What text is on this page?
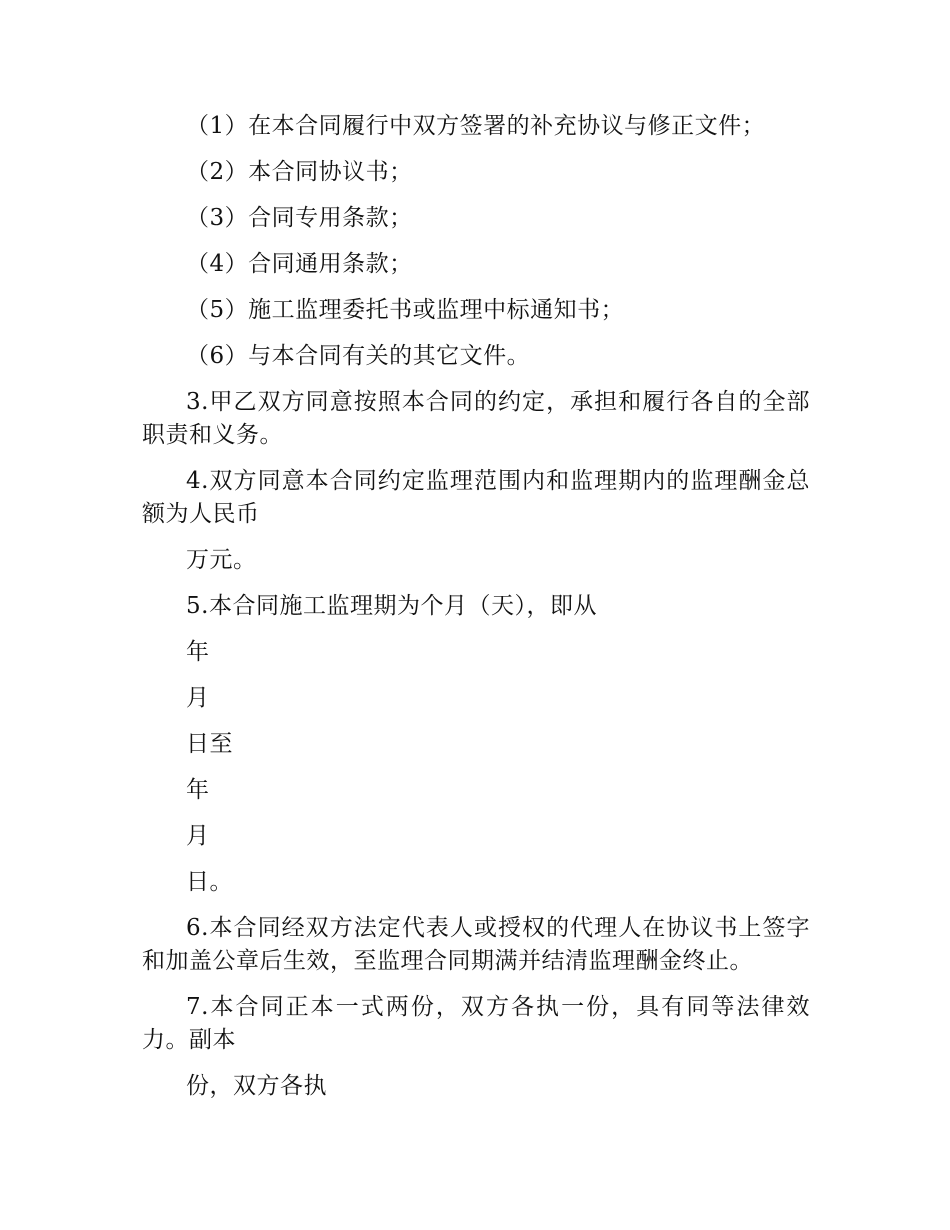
（1）在本合同履行中双方签署的补充协议与修正文件；

（2）本合同协议书；

（3）合同专用条款；

（4）合同通用条款；

（5）施工监理委托书或监理中标通知书；

（6）与本合同有关的其它文件。

3.甲乙双方同意按照本合同的约定，承担和履行各自的全部职责和义务。

4.双方同意本合同约定监理范围内和监理期内的监理酬金总额为人民币

万元。

5.本合同施工监理期为个月（天），即从

年

月

日至

年

月

日。

6.本合同经双方法定代表人或授权的代理人在协议书上签字和加盖公章后生效，至监理合同期满并结清监理酬金终止。

7.本合同正本一式两份，双方各执一份，具有同等法律效力。副本

份，双方各执
